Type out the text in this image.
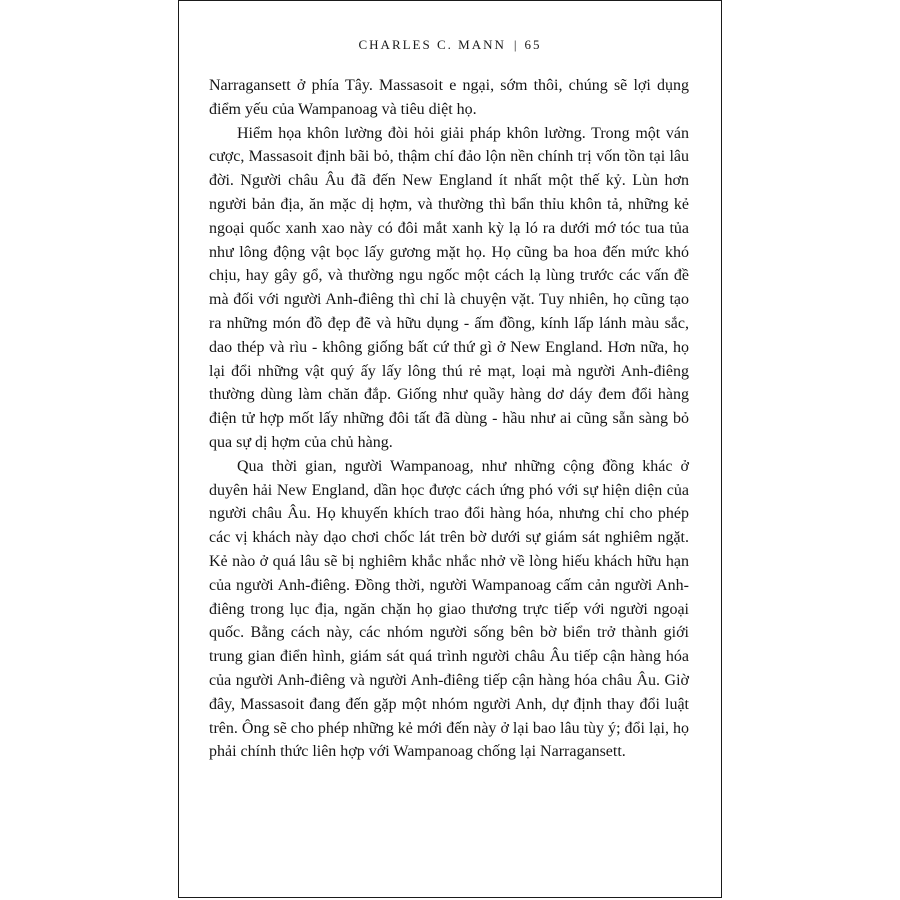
CHARLES C. MANN | 65

Narragansett ở phía Tây. Massasoit e ngại, sớm thôi, chúng sẽ lợi dụng điểm yếu của Wampanoag và tiêu diệt họ.

Hiểm họa khôn lường đòi hỏi giải pháp khôn lường. Trong một ván cược, Massasoit định bãi bỏ, thậm chí đảo lộn nền chính trị vốn tồn tại lâu đời. Người châu Âu đã đến New England ít nhất một thế kỷ. Lùn hơn người bản địa, ăn mặc dị hợm, và thường thì bẩn thỉu khôn tả, những kẻ ngoại quốc xanh xao này có đôi mắt xanh kỳ lạ ló ra dưới mớ tóc tua tủa như lông động vật bọc lấy gương mặt họ. Họ cũng ba hoa đến mức khó chịu, hay gây gổ, và thường ngu ngốc một cách lạ lùng trước các vấn đề mà đối với người Anh-điêng thì chỉ là chuyện vặt. Tuy nhiên, họ cũng tạo ra những món đồ đẹp đẽ và hữu dụng - ấm đồng, kính lấp lánh màu sắc, dao thép và rìu - không giống bất cứ thứ gì ở New England. Hơn nữa, họ lại đổi những vật quý ấy lấy lông thú rẻ mạt, loại mà người Anh-điêng thường dùng làm chăn đắp. Giống như quầy hàng dơ dáy đem đổi hàng điện tử hợp mốt lấy những đôi tất đã dùng - hầu như ai cũng sẵn sàng bỏ qua sự dị hợm của chủ hàng.

Qua thời gian, người Wampanoag, như những cộng đồng khác ở duyên hải New England, dần học được cách ứng phó với sự hiện diện của người châu Âu. Họ khuyến khích trao đổi hàng hóa, nhưng chỉ cho phép các vị khách này dạo chơi chốc lát trên bờ dưới sự giám sát nghiêm ngặt. Kẻ nào ở quá lâu sẽ bị nghiêm khắc nhắc nhở về lòng hiếu khách hữu hạn của người Anh-điêng. Đồng thời, người Wampanoag cấm cản người Anh-điêng trong lục địa, ngăn chặn họ giao thương trực tiếp với người ngoại quốc. Bằng cách này, các nhóm người sống bên bờ biển trở thành giới trung gian điển hình, giám sát quá trình người châu Âu tiếp cận hàng hóa của người Anh-điêng và người Anh-điêng tiếp cận hàng hóa châu Âu. Giờ đây, Massasoit đang đến gặp một nhóm người Anh, dự định thay đổi luật trên. Ông sẽ cho phép những kẻ mới đến này ở lại bao lâu tùy ý; đổi lại, họ phải chính thức liên hợp với Wampanoag chống lại Narragansett.
